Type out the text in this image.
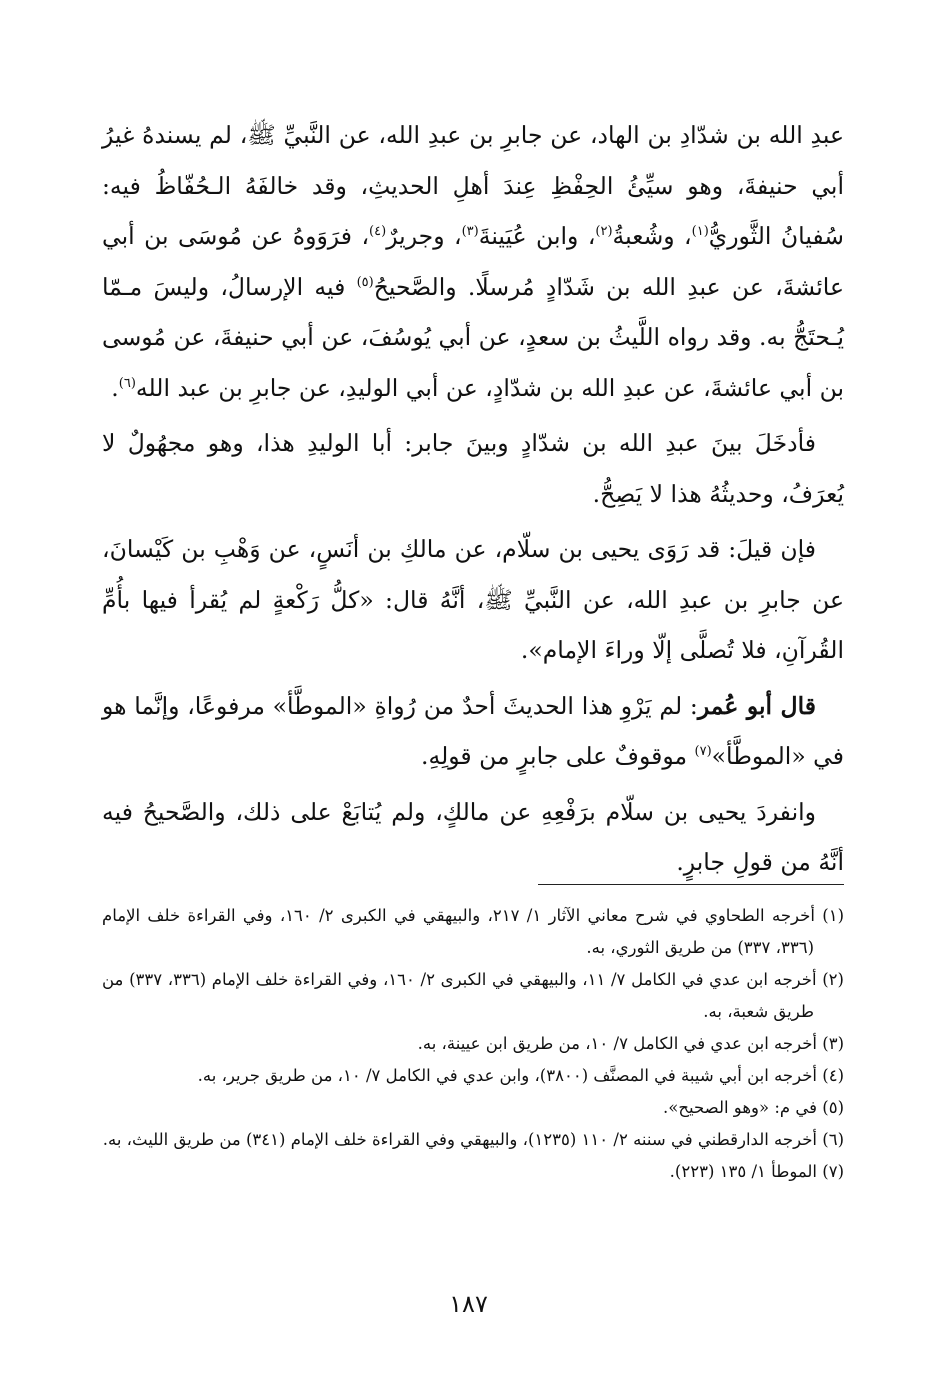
عبدِ الله بن شدّادِ بن الهاد، عن جابرِ بن عبدِ الله، عن النَّبيِّ ﷺ، لم يسندهُ غيرُ أبي حنيفةَ، وهو سيِّئُ الحِفْظِ عِندَ أهلِ الحديثِ، وقد خالفَهُ الـحُفّاظُ فيه: سُفيانُ الثَّوريُّ$^{(١)}$، وشُعبةُ$^{(٢)}$، وابن عُيَينةَ$^{(٣)}$، وجريرٌ$^{(٤)}$، فرَوَوهُ عن مُوسَى بن أبي عائشةَ، عن عبدِ الله بن شَدّادٍ مُرسلًا. والصَّحيحُ$^{(٥)}$ فيه الإرسالُ، وليسَ مـمّا يُـحتَجُّ به. وقد رواه اللَّيثُ بن سعدٍ، عن أبي يُوسُفَ، عن أبي حنيفةَ، عن مُوسى بن أبي عائشةَ، عن عبدِ الله بن شدّادٍ، عن أبي الوليدِ، عن جابرِ بن عبد الله$^{(٦)}$.

فأدخَلَ بينَ عبدِ الله بن شدّادٍ وبينَ جابر: أبا الوليدِ هذا، وهو مجهُولٌ لا يُعرَفُ، وحديثُهُ هذا لا يَصِحُّ.

فإن قيلَ: قد رَوَى يحيى بن سلّام، عن مالكِ بن أنَسٍ، عن وَهْبِ بن كَيْسانَ، عن جابرِ بن عبدِ الله، عن النَّبيِّ ﷺ، أنَّهُ قال: «كلُّ رَكْعةٍ لم يُقرأ فيها بأُمِّ القُرآنِ، فلا تُصلَّى إلّا وراءَ الإمام».

قال أبو عُمر: لم يَرْوِ هذا الحديثَ أحدٌ من رُواةِ «الموطَّأ» مرفوعًا، وإنَّما هو في «الموطَّأ»$^{(٧)}$ موقوفٌ على جابرٍ من قولِهِ.

وانفردَ يحيى بن سلّام برَفْعِهِ عن مالكٍ، ولم يُتابَعْ على ذلك، والصَّحيحُ فيه أنَّهُ من قولِ جابرٍ.

(١) أخرجه الطحاوي في شرح معاني الآثار ١/ ٢١٧، والبيهقي في الكبرى ٢/ ١٦٠، وفي القراءة خلف الإمام (٣٣٦، ٣٣٧) من طريق الثوري، به.

(٢) أخرجه ابن عدي في الكامل ٧/ ١١، والبيهقي في الكبرى ٢/ ١٦٠، وفي القراءة خلف الإمام (٣٣٦، ٣٣٧) من طريق شعبة، به.

(٣) أخرجه ابن عدي في الكامل ٧/ ١٠، من طريق ابن عيينة، به.

(٤) أخرجه ابن أبي شيبة في المصنَّف (٣٨٠٠)، وابن عدي في الكامل ٧/ ١٠، من طريق جرير، به.

(٥) في م: «وهو الصحيح».

(٦) أخرجه الدارقطني في سننه ٢/ ١١٠ (١٢٣٥)، والبيهقي وفي القراءة خلف الإمام (٣٤١) من طريق الليث، به.

(٧) الموطأ ١/ ١٣٥ (٢٢٣).

١٨٧
